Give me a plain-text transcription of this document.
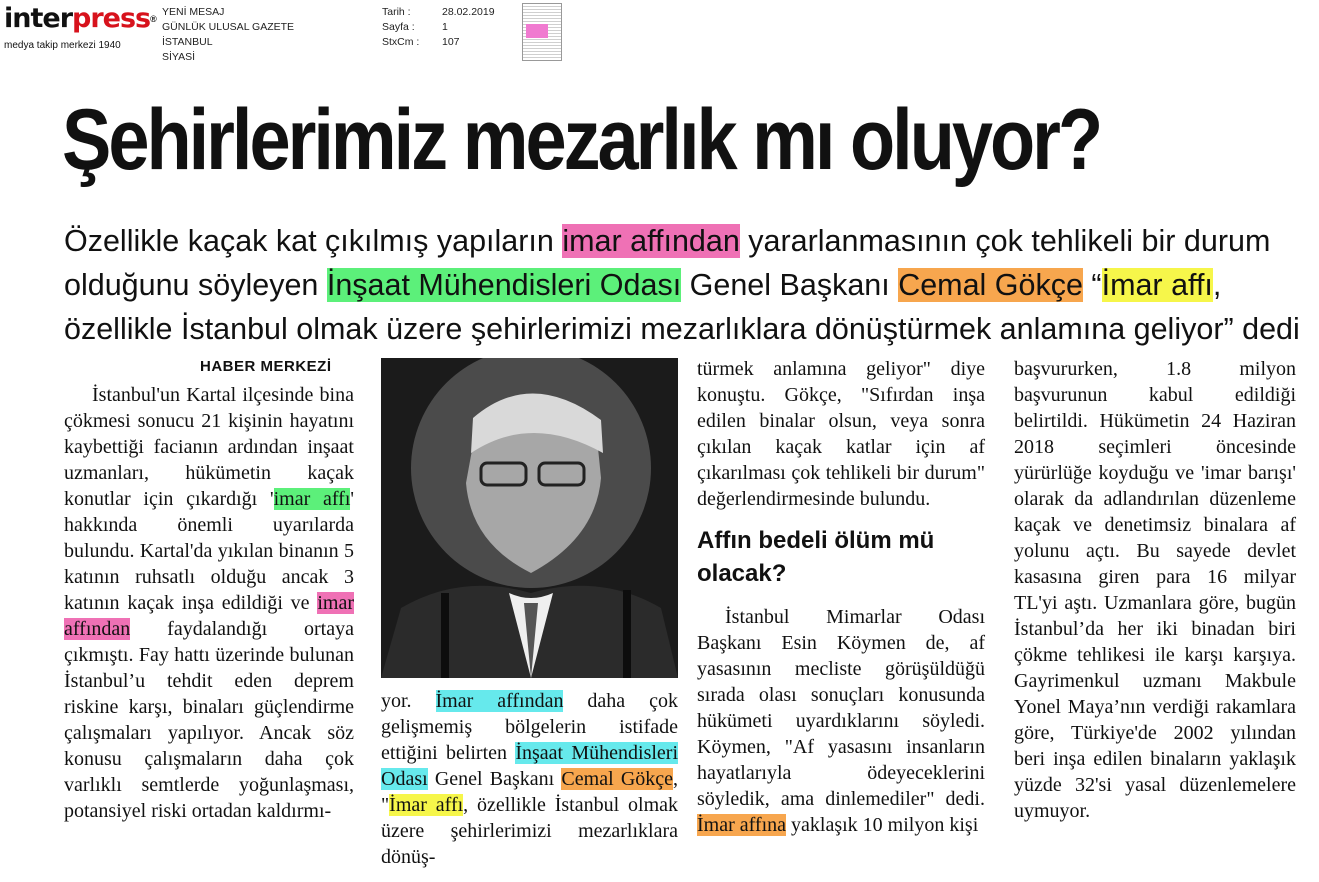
interpress®
medya takip merkezi 1940
YENİ MESAJ
GÜNLÜK ULUSAL GAZETE
İSTANBUL
SİYASİ
Tarih :	28.02.2019
Sayfa :	1
StxCm :	107
Şehirlerimiz mezarlık mı oluyor?
Özellikle kaçak kat çıkılmış yapıların imar affından yararlanmasının çok tehlikeli bir durum olduğunu söyleyen İnşaat Mühendisleri Odası Genel Başkanı Cemal Gökçe “İmar affı, özellikle İstanbul olmak üzere şehirlerimizi mezarlıklara dönüştürmek anlamına geliyor” dedi
HABER MERKEZİ

İstanbul'un Kartal ilçesinde bina çökmesi sonucu 21 kişinin hayatını kaybettiği facianın ardından inşaat uzmanları, hükümetin kaçak konutlar için çıkardığı 'imar affı' hakkında önemli uyarılarda bulundu. Kartal'da yıkılan binanın 5 katının ruhsatlı olduğu ancak 3 katının kaçak inşa edildiği ve imar affından faydalandığı ortaya çıkmıştı. Fay hattı üzerinde bulunan İstanbul’u tehdit eden deprem riskine karşı, binaları güçlendirme çalışmaları yapılıyor. Ancak söz konusu çalışmaların daha çok varlıklı semtlerde yoğunlaşması, potansiyel riski ortadan kaldırmı-

yor. İmar affından daha çok gelişmemiş bölgelerin istifade ettiğini belirten İnşaat Mühendisleri Odası Genel Başkanı Cemal Gökçe, "İmar affı, özellikle İstanbul olmak üzere şehirlerimizi mezarlıklara dönüş-

türmek anlamına geliyor" diye konuştu. Gökçe, "Sıfırdan inşa edilen binalar olsun, veya sonra çıkılan kaçak katlar için af çıkarılması çok tehlikeli bir durum" değerlendirmesinde bulundu.

Affın bedeli ölüm mü olacak?

İstanbul Mimarlar Odası Başkanı Esin Köymen de, af yasasının mecliste görüşüldüğü sırada olası sonuçları konusunda hükümeti uyardıklarını söyledi. Köymen, "Af yasasını insanların hayatlarıyla ödeyeceklerini söyledik, ama dinlemediler" dedi. İmar affına yaklaşık 10 milyon kişi

başvururken, 1.8 milyon başvurunun kabul edildiği belirtildi. Hükümetin 24 Haziran 2018 seçimleri öncesinde yürürlüğe koyduğu ve 'imar barışı' olarak da adlandırılan düzenleme kaçak ve denetimsiz binalara af yolunu açtı. Bu sayede devlet kasasına giren para 16 milyar TL'yi aştı. Uzmanlara göre, bugün İstanbul’da her iki binadan biri çökme tehlikesi ile karşı karşıya. Gayrimenkul uzmanı Makbule Yonel Maya’nın verdiği rakamlara göre, Türkiye'de 2002 yılından beri inşa edilen binaların yaklaşık yüzde 32'si yasal düzenlemelere uymuyor.
